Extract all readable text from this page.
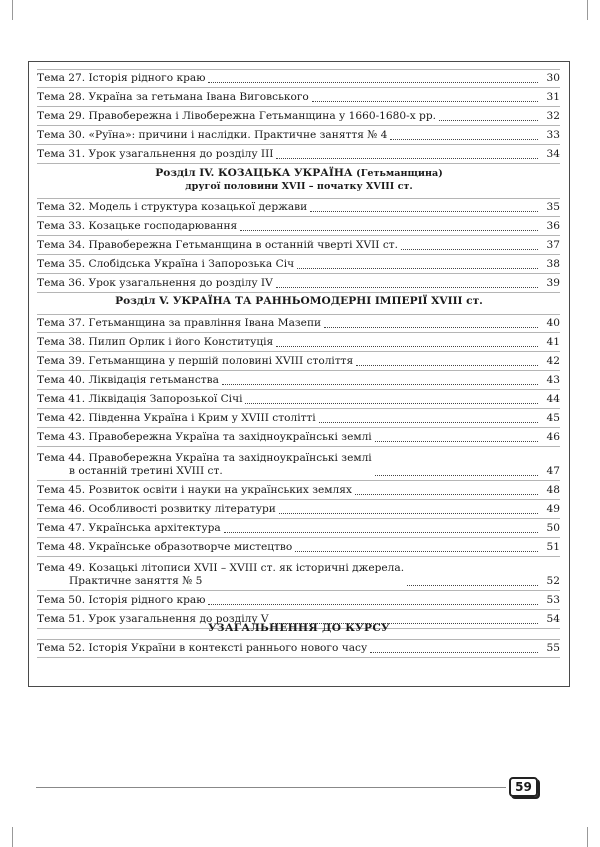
Тема 27. Історія рідного краю	30
Тема 28. Україна за гетьмана Івана Виговського	31
Тема 29. Правобережна і Лівобережна Гетьманщина у 1660-1680-х рр.	32
Тема 30. «Руїна»: причини і наслідки. Практичне заняття № 4	33
Тема 31. Урок узагальнення до розділу ІІІ	34
Розділ IV. КОЗАЦЬКА УКРАЇНА (Гетьманщина)
другої половини XVII – початку XVIII ст.
Тема 32. Модель і структура козацької держави	35
Тема 33. Козацьке господарювання	36
Тема 34. Правобережна Гетьманщина в останній чверті XVII ст.	37
Тема 35. Слобідська Україна і Запорозька Січ	38
Тема 36. Урок узагальнення до розділу IV	39
Розділ V. УКРАЇНА ТА РАННЬОМОДЕРНІ ІМПЕРІЇ XVIII ст.
Тема 37. Гетьманщина за правління Івана Мазепи	40
Тема 38. Пилип Орлик і його Конституція	41
Тема 39. Гетьманщина у першій половині XVIII століття	42
Тема 40. Ліквідація гетьманства	43
Тема 41. Ліквідація Запорозької Січі	44
Тема 42. Південна Україна і Крим у XVIII столітті	45
Тема 43. Правобережна Україна та західноукраїнські землі	46
Тема 44. Правобережна Україна та західноукраїнські землі
в останній третині XVIII ст.	47
Тема 45. Розвиток освіти і науки на українських землях	48
Тема 46. Особливості розвитку літератури	49
Тема 47. Українська архітектура	50
Тема 48. Українське образотворче мистецтво	51
Тема 49. Козацькі літописи XVII – XVIII ст. як історичні джерела.
Практичне заняття № 5	52
Тема 50. Історія рідного краю	53
Тема 51. Урок узагальнення до розділу V	54
УЗАГАЛЬНЕННЯ ДО КУРСУ
Тема 52. Історія України в контексті раннього нового часу	55
59
